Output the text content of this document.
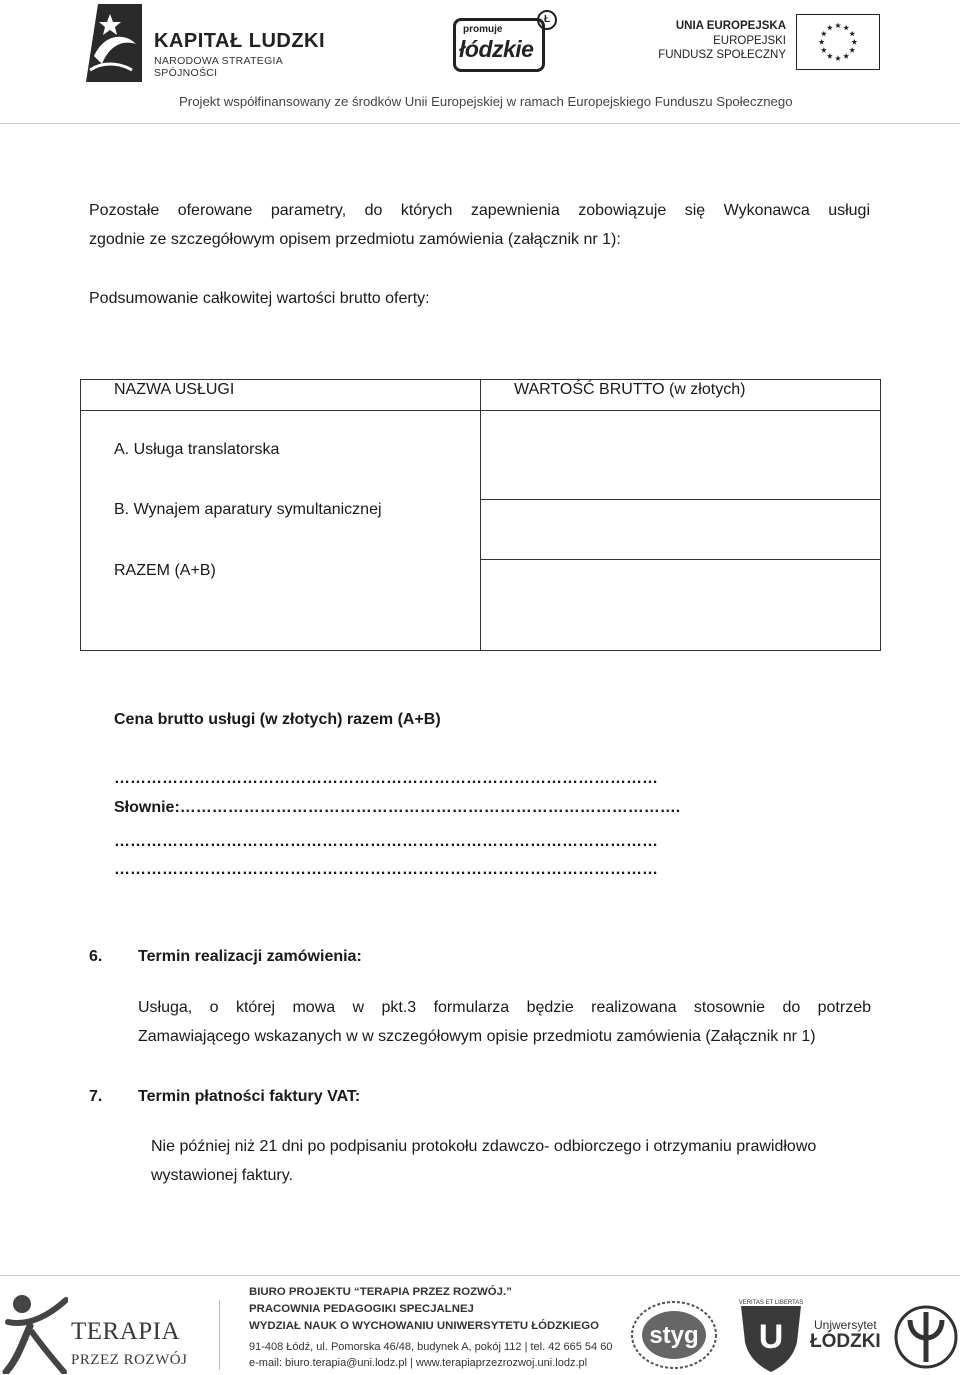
KAPITAŁ LUDZKI
NARODOWA STRATEGIA SPÓJNOŚCI
promuje
łódzkie
Ł
UNIA EUROPEJSKA
EUROPEJSKI
FUNDUSZ SPOŁECZNY
Projekt współfinansowany ze środków Unii Europejskiej w ramach Europejskiego Funduszu Społecznego
Pozostałe oferowane parametry, do których zapewnienia zobowiązuje się Wykonawca usługi
zgodnie ze szczegółowym opisem przedmiotu zamówienia (załącznik nr 1):
Podsumowanie całkowitej wartości brutto oferty:
NAZWA USŁUGI	WARTOŚĆ BRUTTO (w złotych)
A. Usługa translatorska
B. Wynajem aparatury symultanicznej
RAZEM (A+B)
Cena brutto usługi (w złotych) razem (A+B)
…………………………………………………………………………………………
Słownie:………………………………………………………………………………….
…………………………………………………………………………………………
…………………………………………………………………………………………
6. Termin realizacji zamówienia:
Usługa, o której mowa w pkt.3 formularza będzie realizowana stosownie do potrzeb
Zamawiającego wskazanych w w szczegółowym opisie przedmiotu zamówienia (Załącznik nr 1)
7. Termin płatności faktury VAT:
Nie później niż 21 dni po podpisaniu protokołu zdawczo- odbiorczego i otrzymaniu prawidłowo
wystawionej faktury.
TERAPIA
PRZEZ ROZWÓJ
BIURO PROJEKTU “TERAPIA PRZEZ ROZWÓJ.”
PRACOWNIA PEDAGOGIKI SPECJALNEJ
WYDZIAŁ NAUK O WYCHOWANIU UNIWERSYTETU ŁÓDZKIEGO
91-408 Łódź, ul. Pomorska 46/48, budynek A, pokój 112 | tel. 42 665 54 60
e-mail: biuro.terapia@uni.lodz.pl | www.terapiaprzezrozwoj.uni.lodz.pl
styg U
VERITAS ET LIBERTAS
Uniwersytet
ŁÓDZKI
